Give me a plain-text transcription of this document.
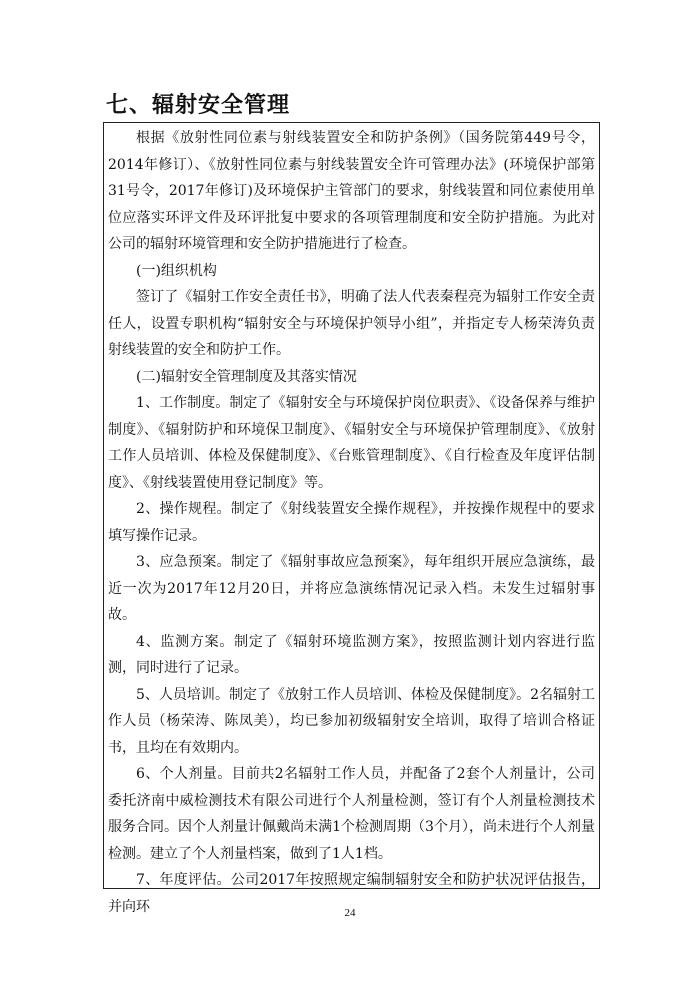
七、辐射安全管理

根据《放射性同位素与射线装置安全和防护条例》（国务院第449号令，2014年修订）、《放射性同位素与射线装置安全许可管理办法》(环境保护部第31号令，2017年修订)及环境保护主管部门的要求，射线装置和同位素使用单位应落实环评文件及环评批复中要求的各项管理制度和安全防护措施。为此对公司的辐射环境管理和安全防护措施进行了检查。

(一)组织机构

签订了《辐射工作安全责任书》，明确了法人代表秦程亮为辐射工作安全责任人，设置专职机构“辐射安全与环境保护领导小组”，并指定专人杨荣涛负责射线装置的安全和防护工作。

(二)辐射安全管理制度及其落实情况

1、工作制度。制定了《辐射安全与环境保护岗位职责》、《设备保养与维护制度》、《辐射防护和环境保卫制度》、《辐射安全与环境保护管理制度》、《放射工作人员培训、体检及保健制度》、《台账管理制度》、《自行检查及年度评估制度》、《射线装置使用登记制度》等。

2、操作规程。制定了《射线装置安全操作规程》，并按操作规程中的要求填写操作记录。

3、应急预案。制定了《辐射事故应急预案》，每年组织开展应急演练，最近一次为2017年12月20日，并将应急演练情况记录入档。未发生过辐射事故。

4、监测方案。制定了《辐射环境监测方案》，按照监测计划内容进行监测，同时进行了记录。

5、人员培训。制定了《放射工作人员培训、体检及保健制度》。2名辐射工作人员（杨荣涛、陈凤美），均已参加初级辐射安全培训，取得了培训合格证书，且均在有效期内。

6、个人剂量。目前共2名辐射工作人员，并配备了2套个人剂量计，公司委托济南中威检测技术有限公司进行个人剂量检测，签订有个人剂量检测技术服务合同。因个人剂量计佩戴尚未满1个检测周期（3个月），尚未进行个人剂量检测。建立了个人剂量档案，做到了1人1档。

7、年度评估。公司2017年按照规定编制辐射安全和防护状况评估报告，并向环	24
